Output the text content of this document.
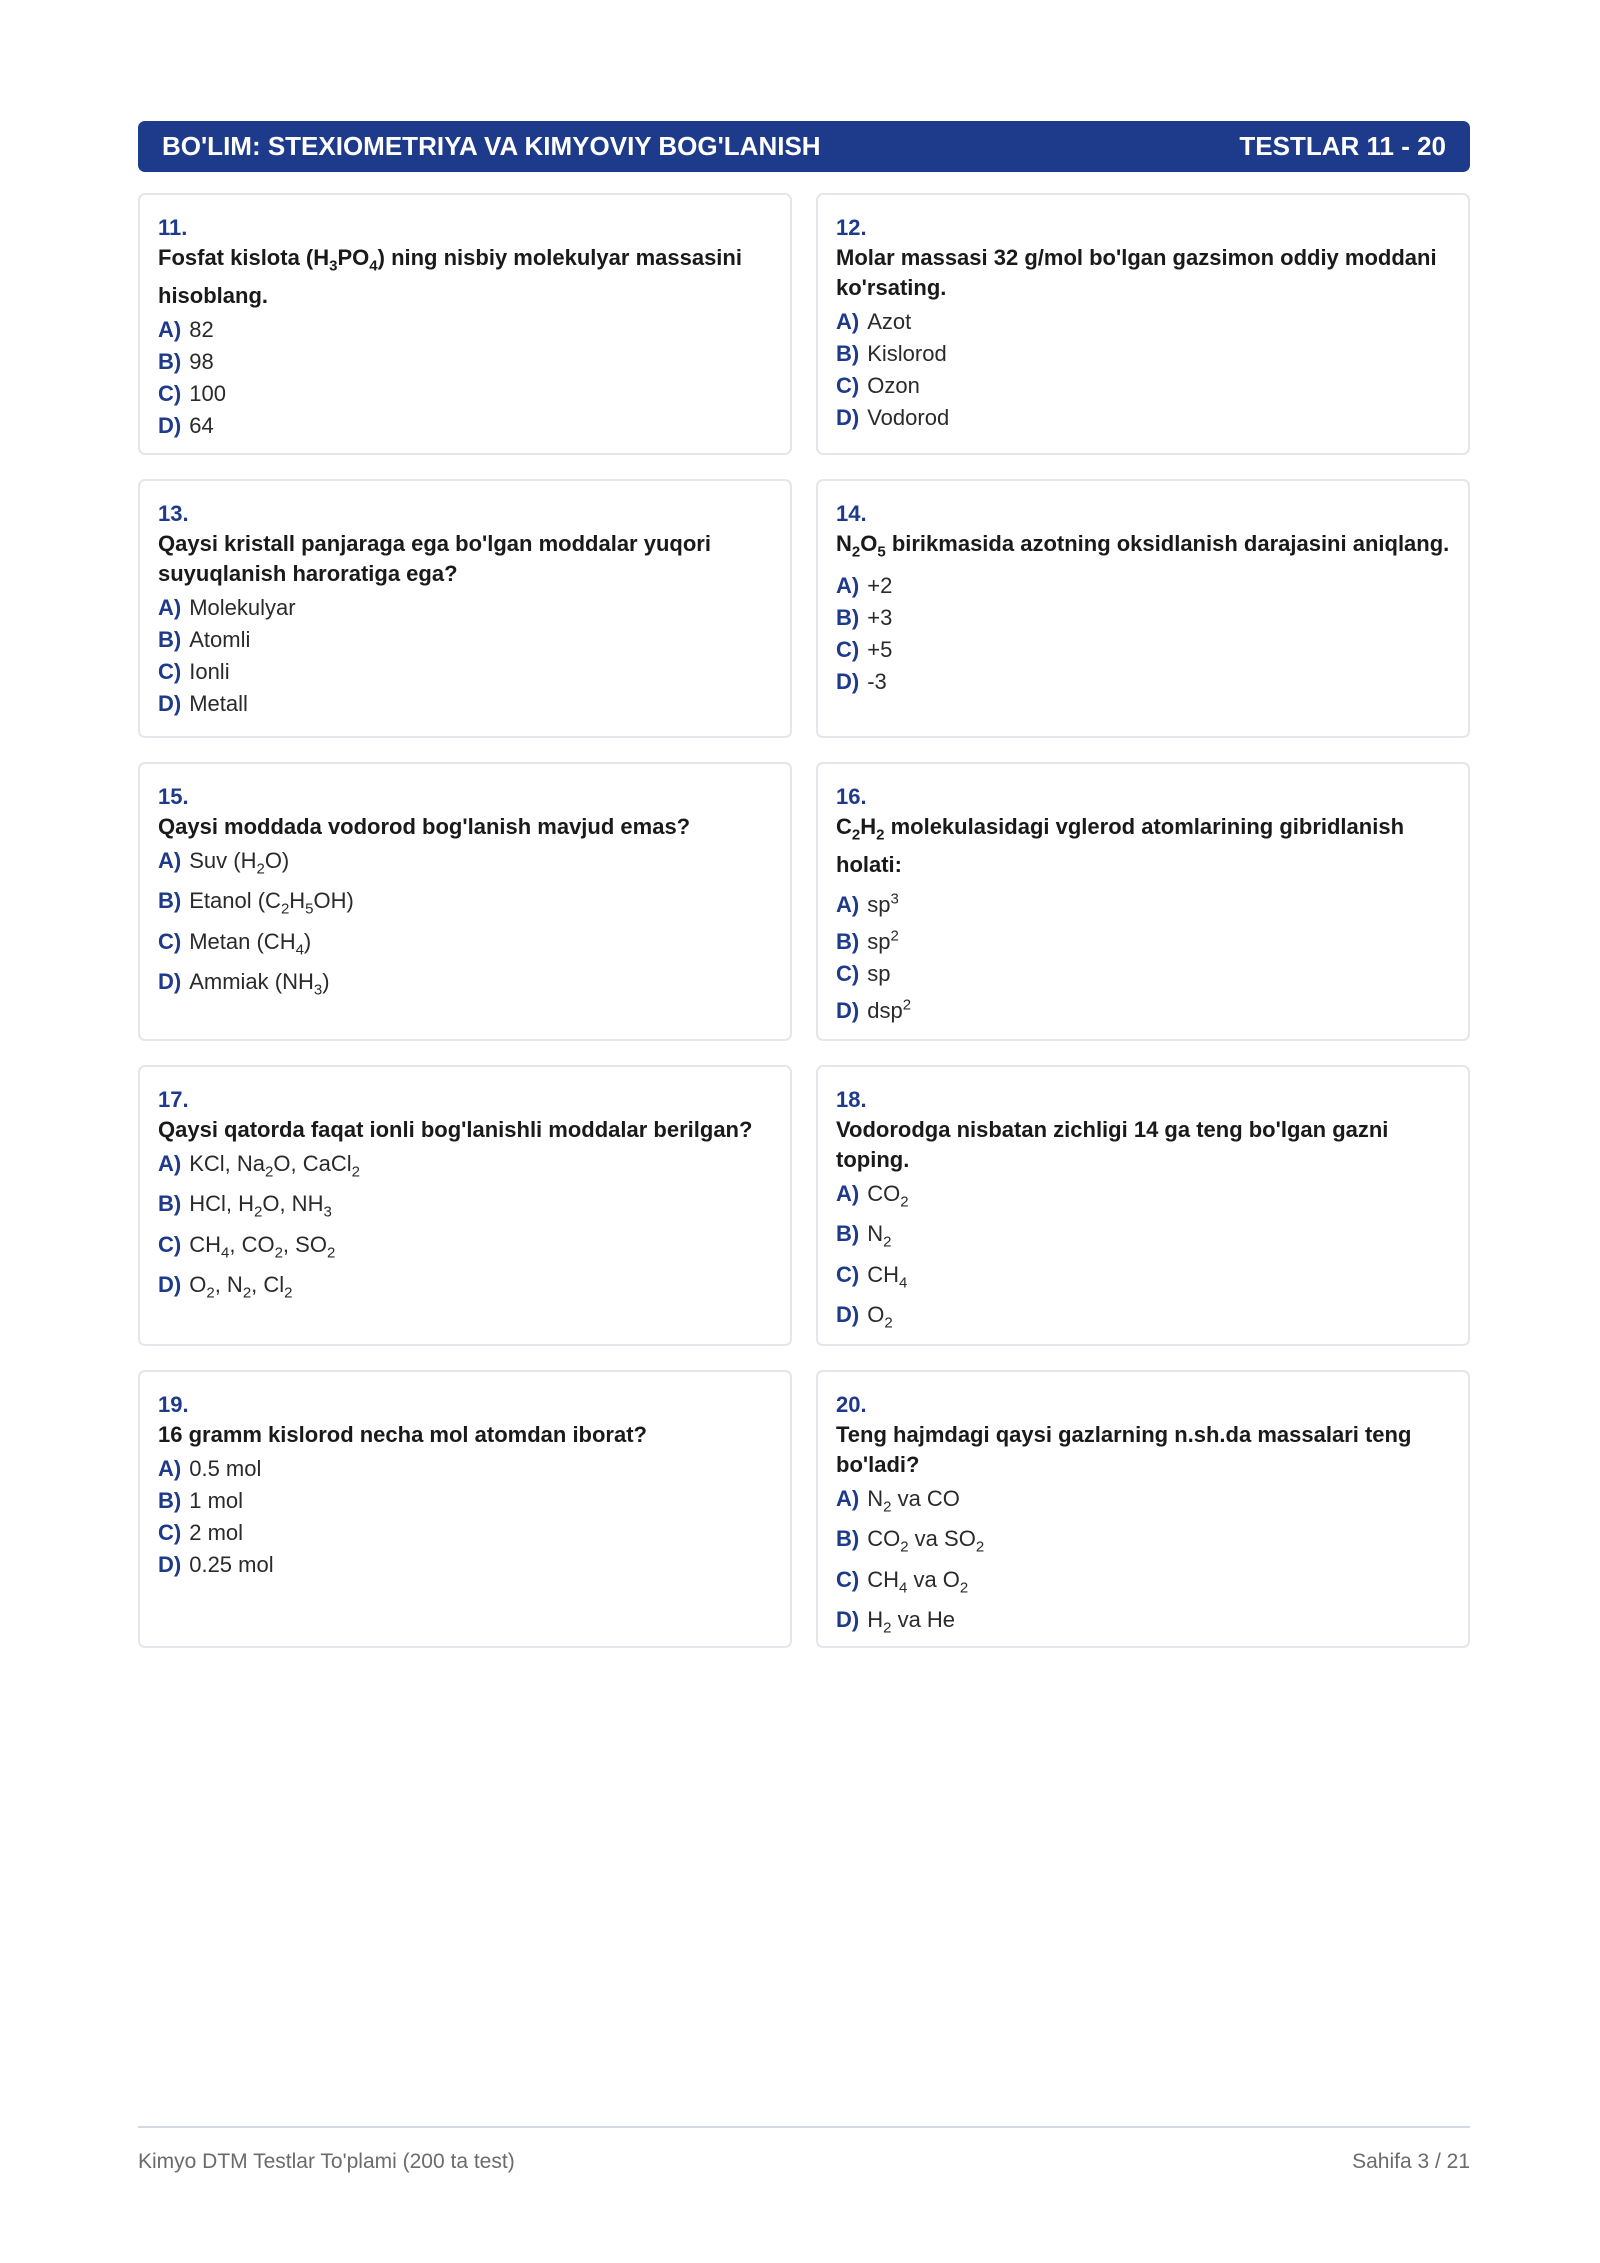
BO'LIM: STEXIOMETRIYA VA KIMYOVIY BOG'LANISH	TESTLAR 11 - 20
11.
Fosfat kislota $(H_3PO_4)$ ning nisbiy molekulyar massasini hisoblang.
A) 82
B) 98
C) 100
D) 64
12.
Molar massasi 32 g/mol bo'lgan gazsimon oddiy moddani ko'rsating.
A) Azot
B) Kislorod
C) Ozon
D) Vodorod
13.
Qaysi kristall panjaraga ega bo'lgan moddalar yuqori suyuqlanish haroratiga ega?
A) Molekulyar
B) Atomli
C) Ionli
D) Metall
14.
$N_2O_5$ birikmasida azotning oksidlanish darajasini aniqlang.
A) +2
B) +3
C) +5
D) -3
15.
Qaysi moddada vodorod bog'lanish mavjud emas?
A) Suv $(H_2O)$
B) Etanol $(C_2H_5OH)$
C) Metan $(CH_4)$
D) Ammiak $(NH_3)$
16.
$C_2H_2$ molekulasidagi vglerod atomlarining gibridlanish holati:
A) $sp^3$
B) $sp^2$
C) sp
D) dsp$^2$
17.
Qaysi qatorda faqat ionli bog'lanishli moddalar berilgan?
A) KCl, $Na_2O$, CaCl$_2$
B) HCl, $H_2O$, $NH_3$
C) $CH_4$, $CO_2$, $SO_2$
D) $O_2$, $N_2$, $Cl_2$
18.
Vodorodga nisbatan zichligi 14 ga teng bo'lgan gazni toping.
A) $CO_2$
B) $N_2$
C) $CH_4$
D) $O_2$
19.
16 gramm kislorod necha mol atomdan iborat?
A) 0.5 mol
B) 1 mol
C) 2 mol
D) 0.25 mol
20.
Teng hajmdagi qaysi gazlarning n.sh.da massalari teng bo'ladi?
A) $N_2$ va CO
B) $CO_2$ va $SO_2$
C) $CH_4$ va $O_2$
D) $H_2$ va He
Kimyo DTM Testlar To'plami (200 ta test)	Sahifa 3 / 21
